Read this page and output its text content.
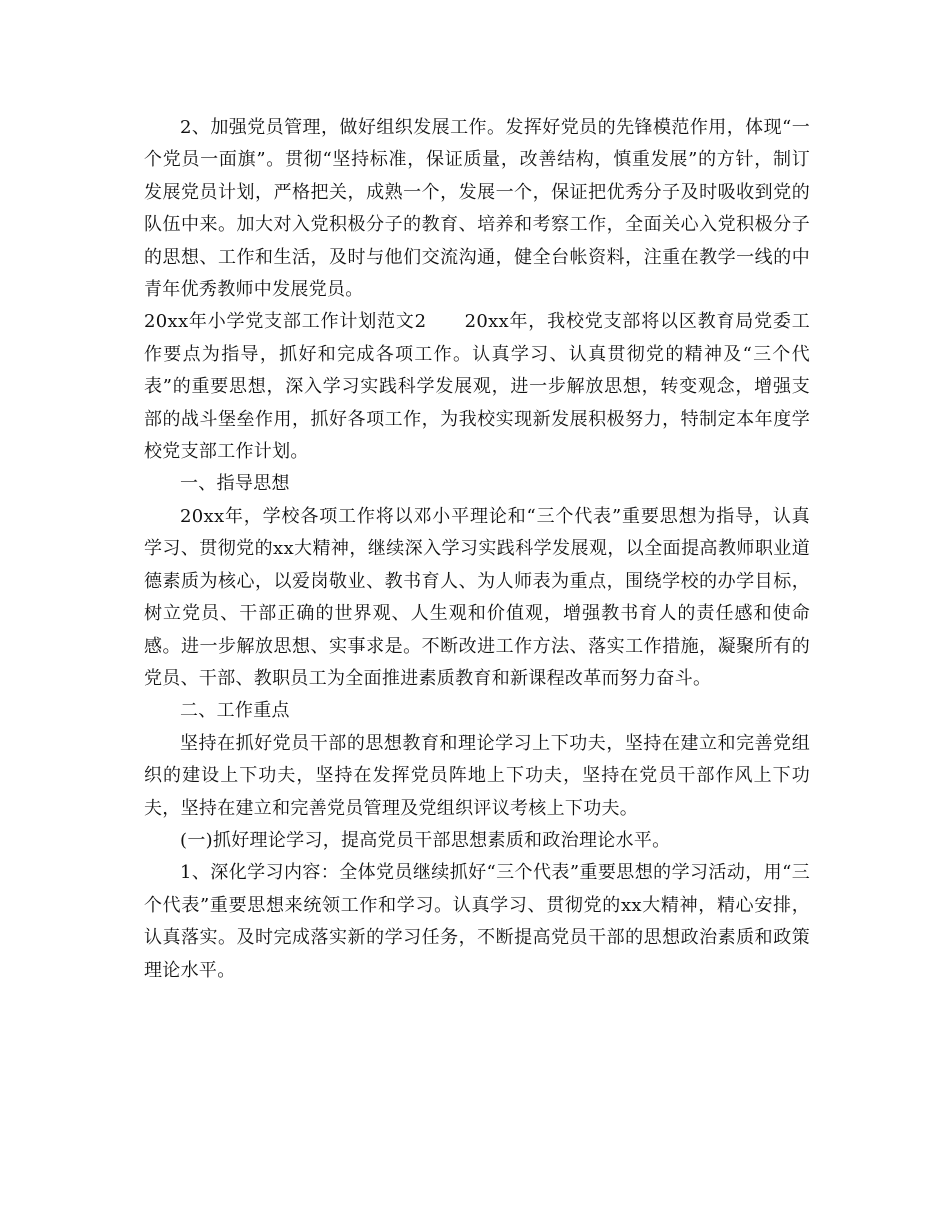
2、加强党员管理，做好组织发展工作。发挥好党员的先锋模范作用，体现“一个党员一面旗”。贯彻“坚持标准，保证质量，改善结构，慎重发展”的方针，制订发展党员计划，严格把关，成熟一个，发展一个，保证把优秀分子及时吸收到党的队伍中来。加大对入党积极分子的教育、培养和考察工作，全面关心入党积极分子的思想、工作和生活，及时与他们交流沟通，健全台帐资料，注重在教学一线的中青年优秀教师中发展党员。

20xx年小学党支部工作计划范文2　　20xx年，我校党支部将以区教育局党委工作要点为指导，抓好和完成各项工作。认真学习、认真贯彻党的精神及“三个代表”的重要思想，深入学习实践科学发展观，进一步解放思想，转变观念，增强支部的战斗堡垒作用，抓好各项工作，为我校实现新发展积极努力，特制定本年度学校党支部工作计划。

一、指导思想

20xx年，学校各项工作将以邓小平理论和“三个代表”重要思想为指导，认真学习、贯彻党的xx大精神，继续深入学习实践科学发展观，以全面提高教师职业道德素质为核心，以爱岗敬业、教书育人、为人师表为重点，围绕学校的办学目标，树立党员、干部正确的世界观、人生观和价值观，增强教书育人的责任感和使命感。进一步解放思想、实事求是。不断改进工作方法、落实工作措施，凝聚所有的党员、干部、教职员工为全面推进素质教育和新课程改革而努力奋斗。

二、工作重点

坚持在抓好党员干部的思想教育和理论学习上下功夫，坚持在建立和完善党组织的建设上下功夫，坚持在发挥党员阵地上下功夫，坚持在党员干部作风上下功夫，坚持在建立和完善党员管理及党组织评议考核上下功夫。

(一)抓好理论学习，提高党员干部思想素质和政治理论水平。

1、深化学习内容：全体党员继续抓好“三个代表”重要思想的学习活动，用“三个代表”重要思想来统领工作和学习。认真学习、贯彻党的xx大精神，精心安排，认真落实。及时完成落实新的学习任务，不断提高党员干部的思想政治素质和政策理论水平。
